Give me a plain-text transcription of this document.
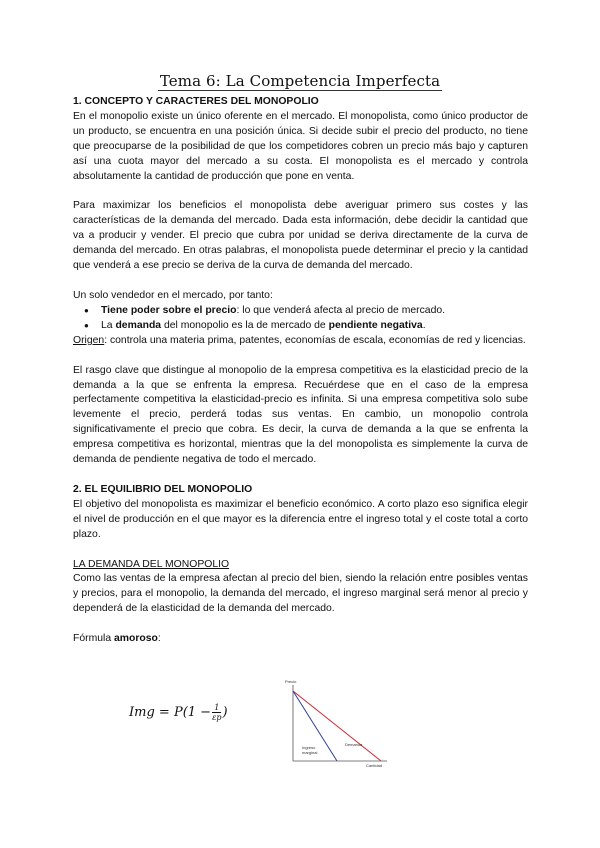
Tema 6: La Competencia Imperfecta
1. CONCEPTO Y CARACTERES DEL MONOPOLIO

En el monopolio existe un único oferente en el mercado. El monopolista, como único productor de un producto, se encuentra en una posición única. Si decide subir el precio del producto, no tiene que preocuparse de la posibilidad de que los competidores cobren un precio más bajo y capturen así una cuota mayor del mercado a su costa. El monopolista es el mercado y controla absolutamente la cantidad de producción que pone en venta.

Para maximizar los beneficios el monopolista debe averiguar primero sus costes y las características de la demanda del mercado. Dada esta información, debe decidir la cantidad que va a producir y vender. El precio que cubra por unidad se deriva directamente de la curva de demanda del mercado. En otras palabras, el monopolista puede determinar el precio y la cantidad que venderá a ese precio se deriva de la curva de demanda del mercado.

Un solo vendedor en el mercado, por tanto:

● Tiene poder sobre el precio: lo que venderá afecta al precio de mercado.
● La demanda del monopolio es la de mercado de pendiente negativa.

Origen: controla una materia prima, patentes, economías de escala, economías de red y licencias.

El rasgo clave que distingue al monopolio de la empresa competitiva es la elasticidad precio de la demanda a la que se enfrenta la empresa. Recuérdese que en el caso de la empresa perfectamente competitiva la elasticidad-precio es infinita. Si una empresa competitiva solo sube levemente el precio, perderá todas sus ventas. En cambio, un monopolio controla significativamente el precio que cobra. Es decir, la curva de demanda a la que se enfrenta la empresa competitiva es horizontal, mientras que la del monopolista es simplemente la curva de demanda de pendiente negativa de todo el mercado.

2. EL EQUILIBRIO DEL MONOPOLIO

El objetivo del monopolista es maximizar el beneficio económico. A corto plazo eso significa elegir el nivel de producción en el que mayor es la diferencia entre el ingreso total y el coste total a corto plazo.

LA DEMANDA DEL MONOPOLIO

Como las ventas de la empresa afectan al precio del bien, siendo la relación entre posibles ventas y precios, para el monopolio, la demanda del mercado, el ingreso marginal será menor al precio y dependerá de la elasticidad de la demanda del mercado.

Fórmula amoroso:
Img = $P(1 - \frac{1}{\varepsilon p}$ )
Precio
Cantidad
Demanda
Ingreso
marginal
